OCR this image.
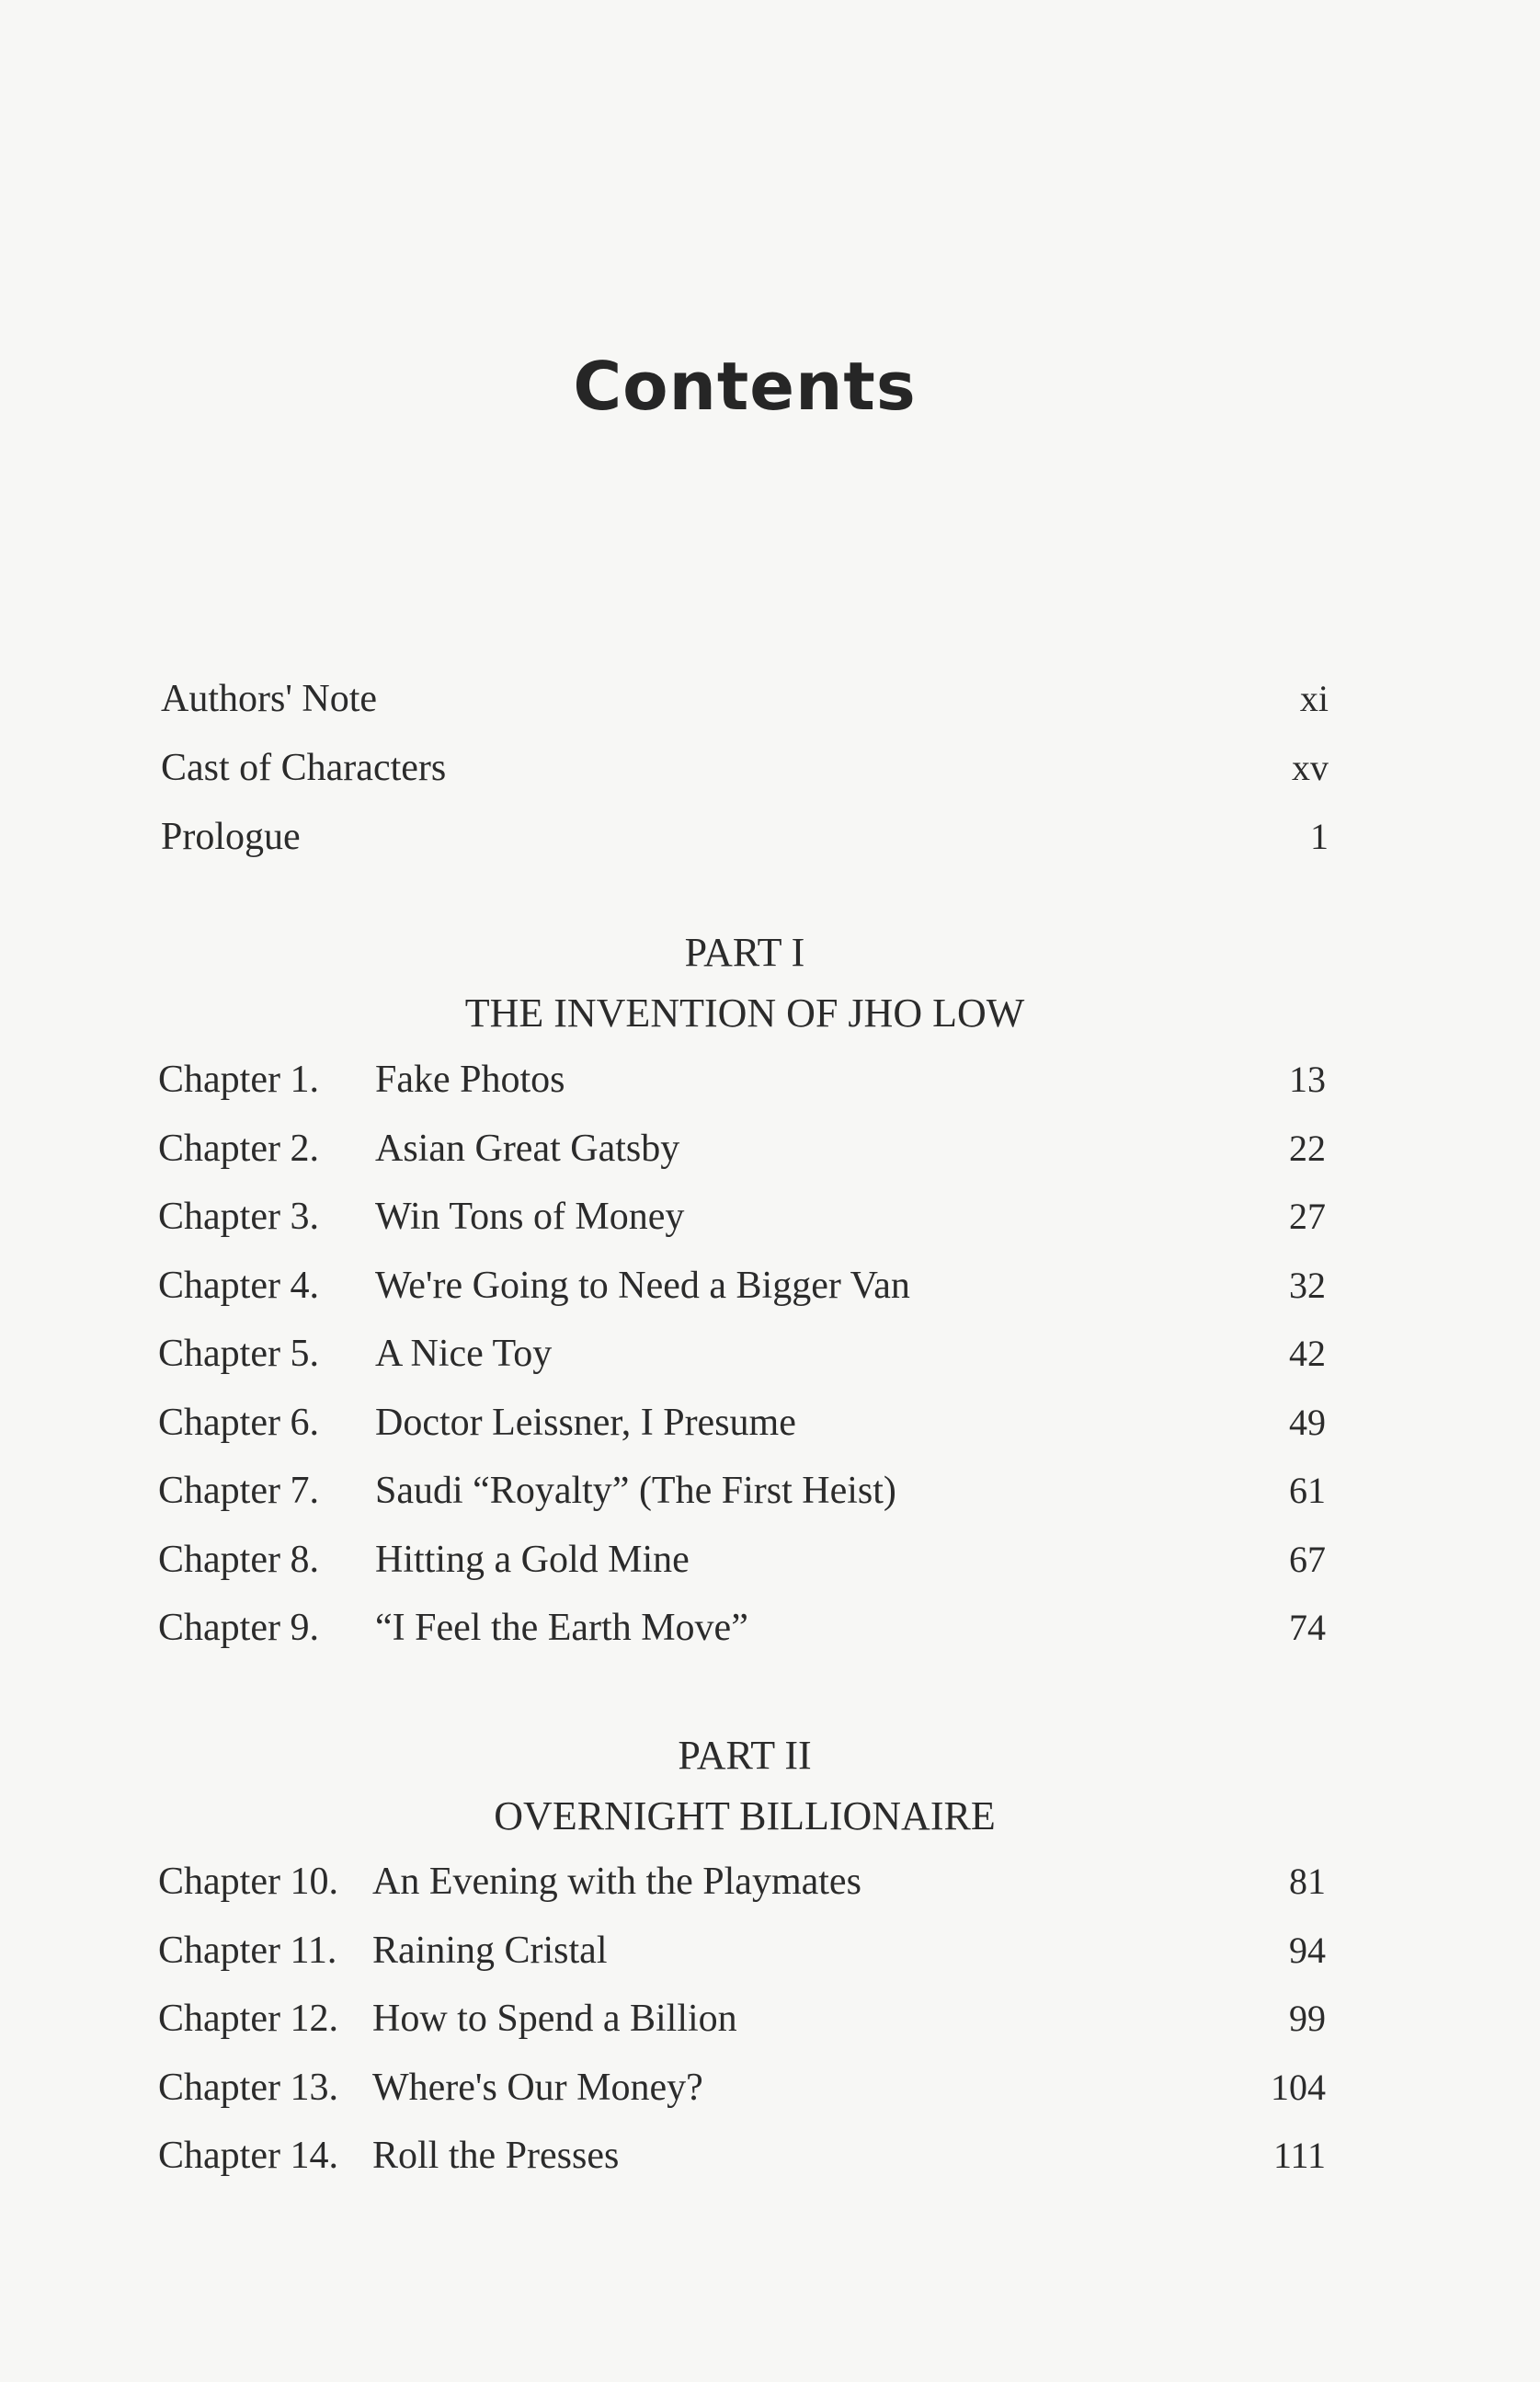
Contents
Authors' Note	xi
Cast of Characters	xv
Prologue	1
PART I
THE INVENTION OF JHO LOW
Chapter 1.	Fake Photos	13
Chapter 2.	Asian Great Gatsby	22
Chapter 3.	Win Tons of Money	27
Chapter 4.	We're Going to Need a Bigger Van	32
Chapter 5.	A Nice Toy	42
Chapter 6.	Doctor Leissner, I Presume	49
Chapter 7.	Saudi “Royalty” (The First Heist)	61
Chapter 8.	Hitting a Gold Mine	67
Chapter 9.	“I Feel the Earth Move”	74
PART II
OVERNIGHT BILLIONAIRE
Chapter 10. An Evening with the Playmates	81
Chapter 11. Raining Cristal	94
Chapter 12. How to Spend a Billion	99
Chapter 13. Where's Our Money?	104
Chapter 14. Roll the Presses	111
